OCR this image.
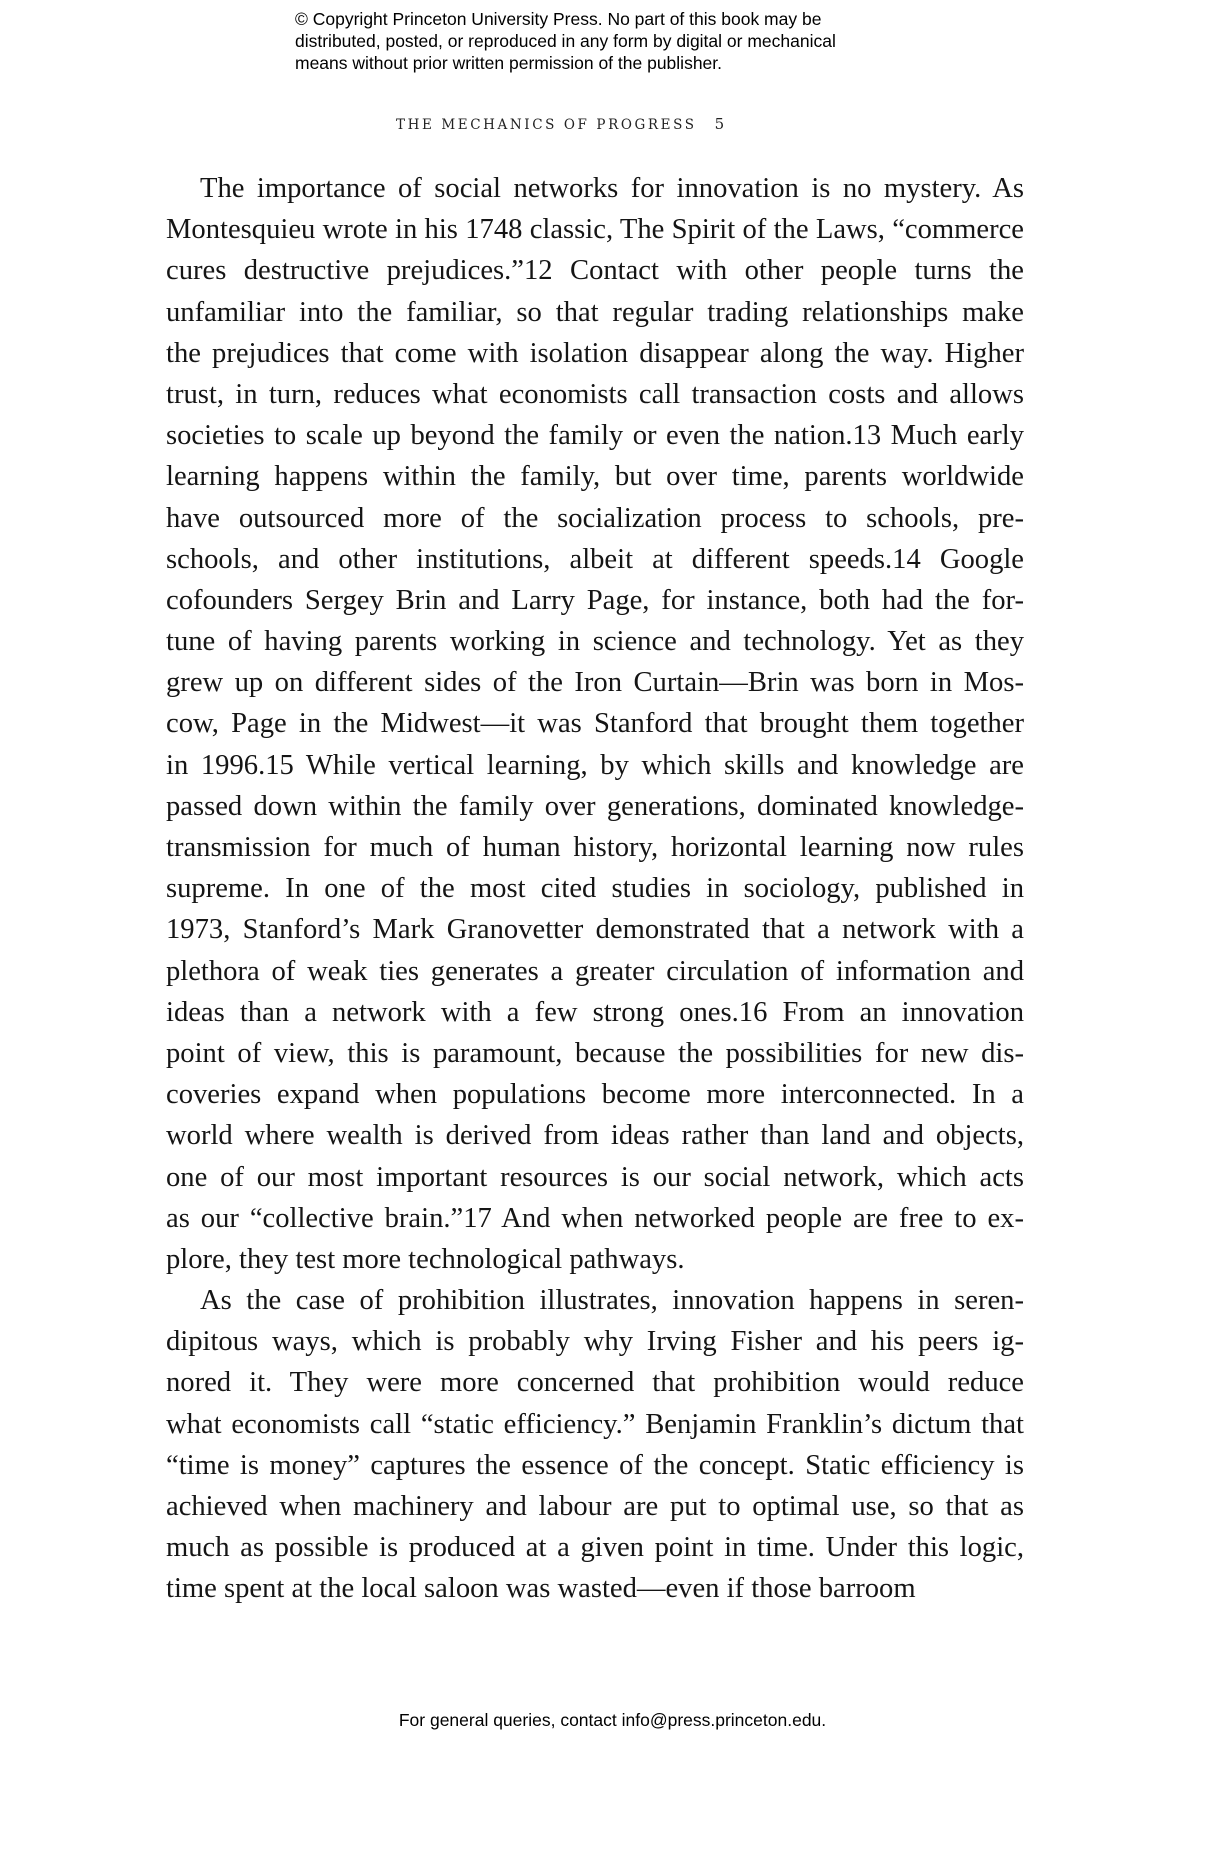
© Copyright Princeton University Press. No part of this book may be
distributed, posted, or reproduced in any form by digital or mechanical
means without prior written permission of the publisher.
THE MECHANICS OF PROGRESS 5
The importance of social networks for innovation is no mystery. As
Montesquieu wrote in his 1748 classic, The Spirit of the Laws, “commerce
cures destructive prejudices.”12 Contact with other people turns the
unfamiliar into the familiar, so that regular trading relationships make
the prejudices that come with isolation disappear along the way. Higher
trust, in turn, reduces what economists call transaction costs and allows
societies to scale up beyond the family or even the nation.13 Much early
learning happens within the family, but over time, parents worldwide
have outsourced more of the socialization process to schools, pre-
schools, and other institutions, albeit at different speeds.14 Google
cofounders Sergey Brin and Larry Page, for instance, both had the for-
tune of having parents working in science and technology. Yet as they
grew up on different sides of the Iron Curtain—Brin was born in Mos-
cow, Page in the Midwest—it was Stanford that brought them together
in 1996.15 While vertical learning, by which skills and knowledge are
passed down within the family over generations, dominated knowledge-
transmission for much of human history, horizontal learning now rules
supreme. In one of the most cited studies in sociology, published in
1973, Stanford’s Mark Granovetter demonstrated that a network with a
plethora of weak ties generates a greater circulation of information and
ideas than a network with a few strong ones.16 From an innovation
point of view, this is paramount, because the possibilities for new dis-
coveries expand when populations become more interconnected. In a
world where wealth is derived from ideas rather than land and objects,
one of our most important resources is our social network, which acts
as our “collective brain.”17 And when networked people are free to ex-
plore, they test more technological pathways.
As the case of prohibition illustrates, innovation happens in seren-
dipitous ways, which is probably why Irving Fisher and his peers ig-
nored it. They were more concerned that prohibition would reduce
what economists call “static efficiency.” Benjamin Franklin’s dictum that
“time is money” captures the essence of the concept. Static efficiency is
achieved when machinery and labour are put to optimal use, so that as
much as possible is produced at a given point in time. Under this logic,
time spent at the local saloon was wasted—even if those barroom
For general queries, contact info@press.princeton.edu.
